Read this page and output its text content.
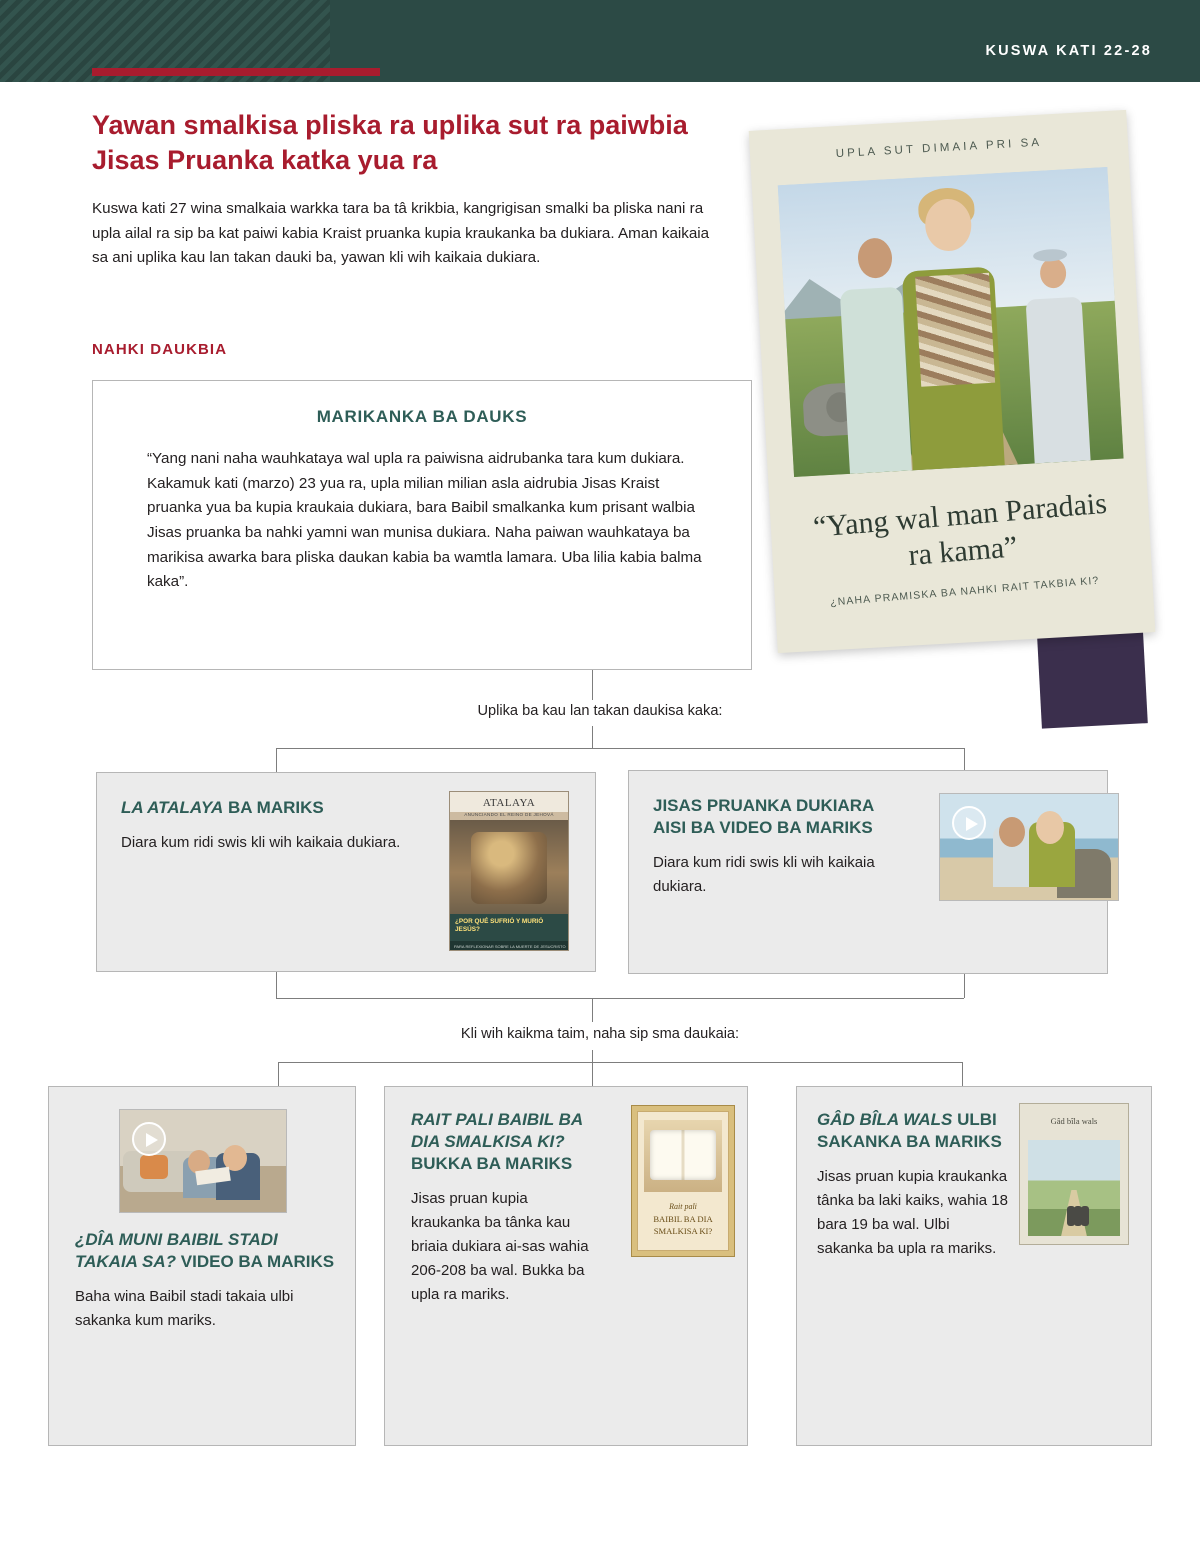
KUSWA KATI 22-28
Yawan smalkisa pliska ra uplika sut ra paiwbia Jisas Pruanka katka yua ra
Kuswa kati 27 wina smalkaia warkka tara ba tâ krikbia, kangrigisan smalki ba pliska nani ra upla ailal ra sip ba kat paiwi kabia Kraist pruanka kupia kraukanka ba dukiara. Aman kaikaia sa ani uplika kau lan takan dauki ba, yawan kli wih kaikaia dukiara.
NAHKI DAUKBIA
UPLA SUT DIMAIA PRI SA
“Yang wal man Paradais ra kama”
¿NAHA PRAMISKA BA NAHKI RAIT TAKBIA KI?
MARIKANKA BA DAUKS
“Yang nani naha wauhkataya wal upla ra paiwisna aidrubanka tara kum dukiara. Kakamuk kati (marzo) 23 yua ra, upla milian milian asla aidrubia Jisas Kraist pruanka yua ba kupia kraukaia dukiara, bara Baibil smalkanka kum prisant walbia Jisas pruanka ba nahki yamni wan munisa dukiara. Naha paiwan wauhkataya ba marikisa awarka bara pliska daukan kabia ba wamtla lamara. Uba lilia kabia balma kaka”.
Uplika ba kau lan takan daukisa kaka:
LA ATALAYA BA MARIKS
Diara kum ridi swis kli wih kaikaia dukiara.
ATALAYA
ANUNCIANDO EL REINO DE JEHOVÁ
¿POR QUÉ SUFRIÓ Y MURIÓ JESÚS?
PARA REFLEXIONAR SOBRE LA MUERTE DE JESUCRISTO
JISAS PRUANKA DUKIARA AISI BA VIDEO BA MARIKS
Diara kum ridi swis kli wih kaikaia dukiara.
Kli wih kaikma taim, naha sip sma daukaia:
¿DÎA MUNI BAIBIL STADI TAKAIA SA? VIDEO BA MARIKS
Baha wina Baibil stadi takaia ulbi sakanka kum mariks.
RAIT PALI BAIBIL BA DIA SMALKISA KI? BUKKA BA MARIKS
Jisas pruan kupia kraukanka ba tânka kau briaia dukiara ai‑sas wahia 206-208 ba wal. Bukka ba upla ra mariks.
Rait pali
BAIBIL BA DIA SMALKISA KI?
GÂD BÎLA WALS ULBI SAKANKA BA MARIKS
Jisas pruan kupia kraukanka tânka ba laki kaiks, wahia 18 bara 19 ba wal. Ulbi sakanka ba upla ra mariks.
Gâd bîla wals
